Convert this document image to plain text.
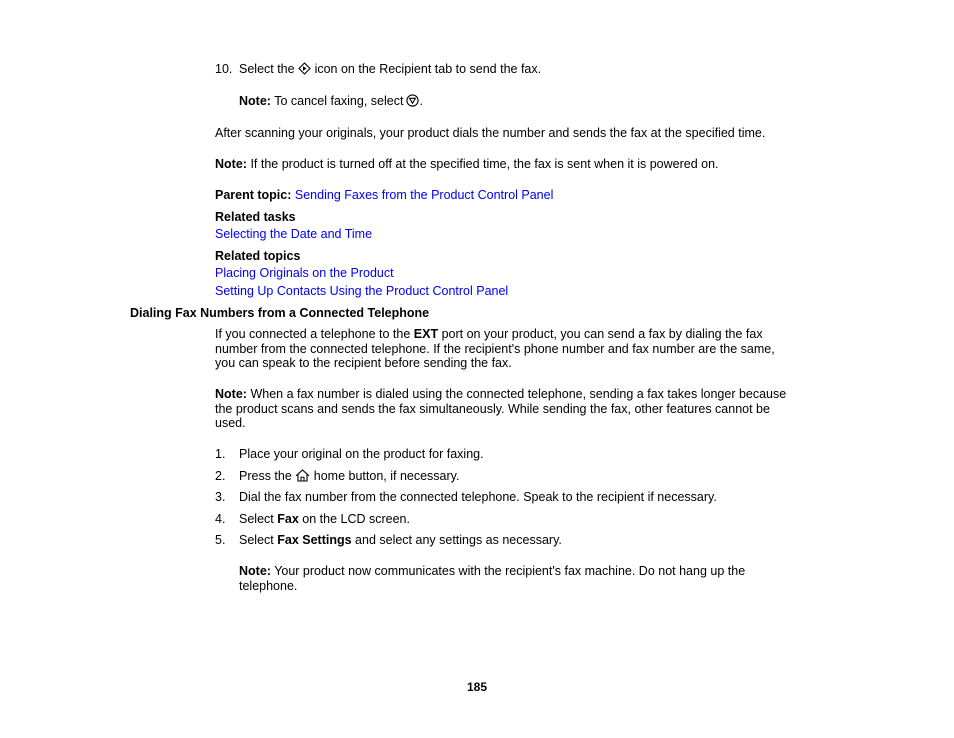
10. Select the icon on the Recipient tab to send the fax.
Note: To cancel faxing, select .
After scanning your originals, your product dials the number and sends the fax at the specified time.
Note: If the product is turned off at the specified time, the fax is sent when it is powered on.
Parent topic: Sending Faxes from the Product Control Panel
Related tasks
Selecting the Date and Time
Related topics
Placing Originals on the Product
Setting Up Contacts Using the Product Control Panel
Dialing Fax Numbers from a Connected Telephone
If you connected a telephone to the EXT port on your product, you can send a fax by dialing the fax
number from the connected telephone. If the recipient's phone number and fax number are the same,
you can speak to the recipient before sending the fax.
Note: When a fax number is dialed using the connected telephone, sending a fax takes longer because
the product scans and sends the fax simultaneously. While sending the fax, other features cannot be
used.
1. Place your original on the product for faxing.
2. Press the home button, if necessary.
3. Dial the fax number from the connected telephone. Speak to the recipient if necessary.
4. Select Fax on the LCD screen.
5. Select Fax Settings and select any settings as necessary.
Note: Your product now communicates with the recipient's fax machine. Do not hang up the
telephone.
185
